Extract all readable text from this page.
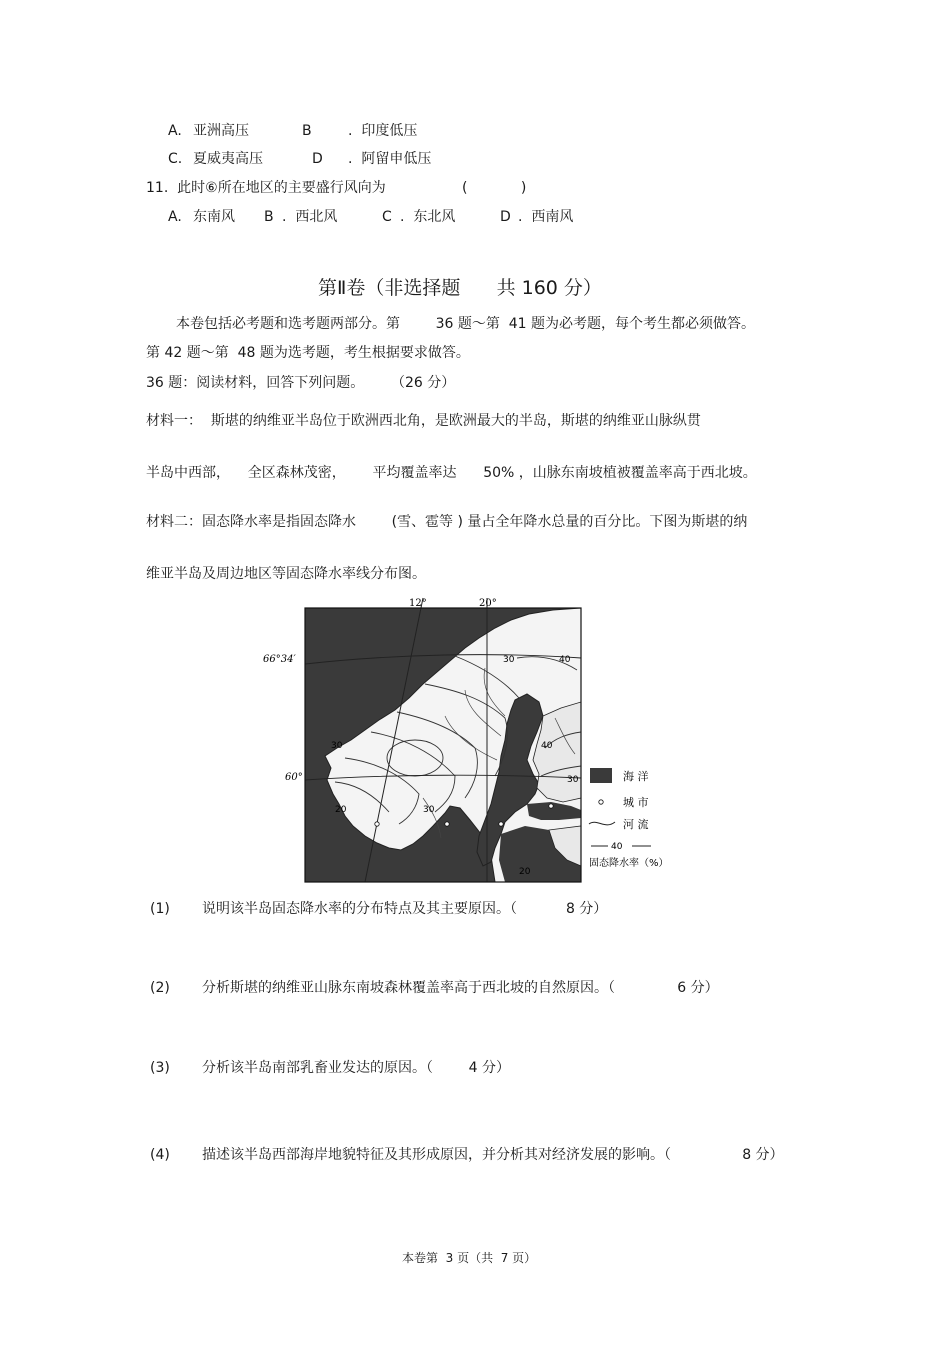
A. 亚洲高压	B	.  印度低压
C. 夏威夷高压	D .  阿留申低压
11.  此时⑥所在地区的主要盛行风向为	(            )
A. 东南风 B .  西北风	C .  东北风	D .  西南风
第Ⅱ卷（非选择题      共 160 分）
本卷包括必考题和选考题两部分。第        36 题～第  41 题为必考题，每个考生都必须做答。
第 42 题～第  48 题为选考题，考生根据要求做答。
36 题：阅读材料，回答下列问题。      （26 分）
材料一：  斯堪的纳维亚半岛位于欧洲西北角，是欧洲最大的半岛，斯堪的纳维亚山脉纵贯
半岛中西部，    全区森林茂密，      平均覆盖率达      50% ，山脉东南坡植被覆盖率高于西北坡。
材料二：固态降水率是指固态降水        (雪、雹等 ) 量占全年降水总量的百分比。下图为斯堪的纳
维亚半岛及周边地区等固态降水率线分布图。
12°	20°
66°34′
60°
30
40
30
30
40
30
20
20
海 洋
城 市
河 流
40
固态降水率（%）
(1) 说明该半岛固态降水率的分布特点及其主要原因。（           8 分）
(2) 分析斯堪的纳维亚山脉东南坡森林覆盖率高于西北坡的自然原因。（              6 分）
(3) 分析该半岛南部乳畜业发达的原因。（        4 分）
(4) 描述该半岛西部海岸地貌特征及其形成原因，并分析其对经济发展的影响。（                8 分）
本卷第  3 页（共  7 页）
